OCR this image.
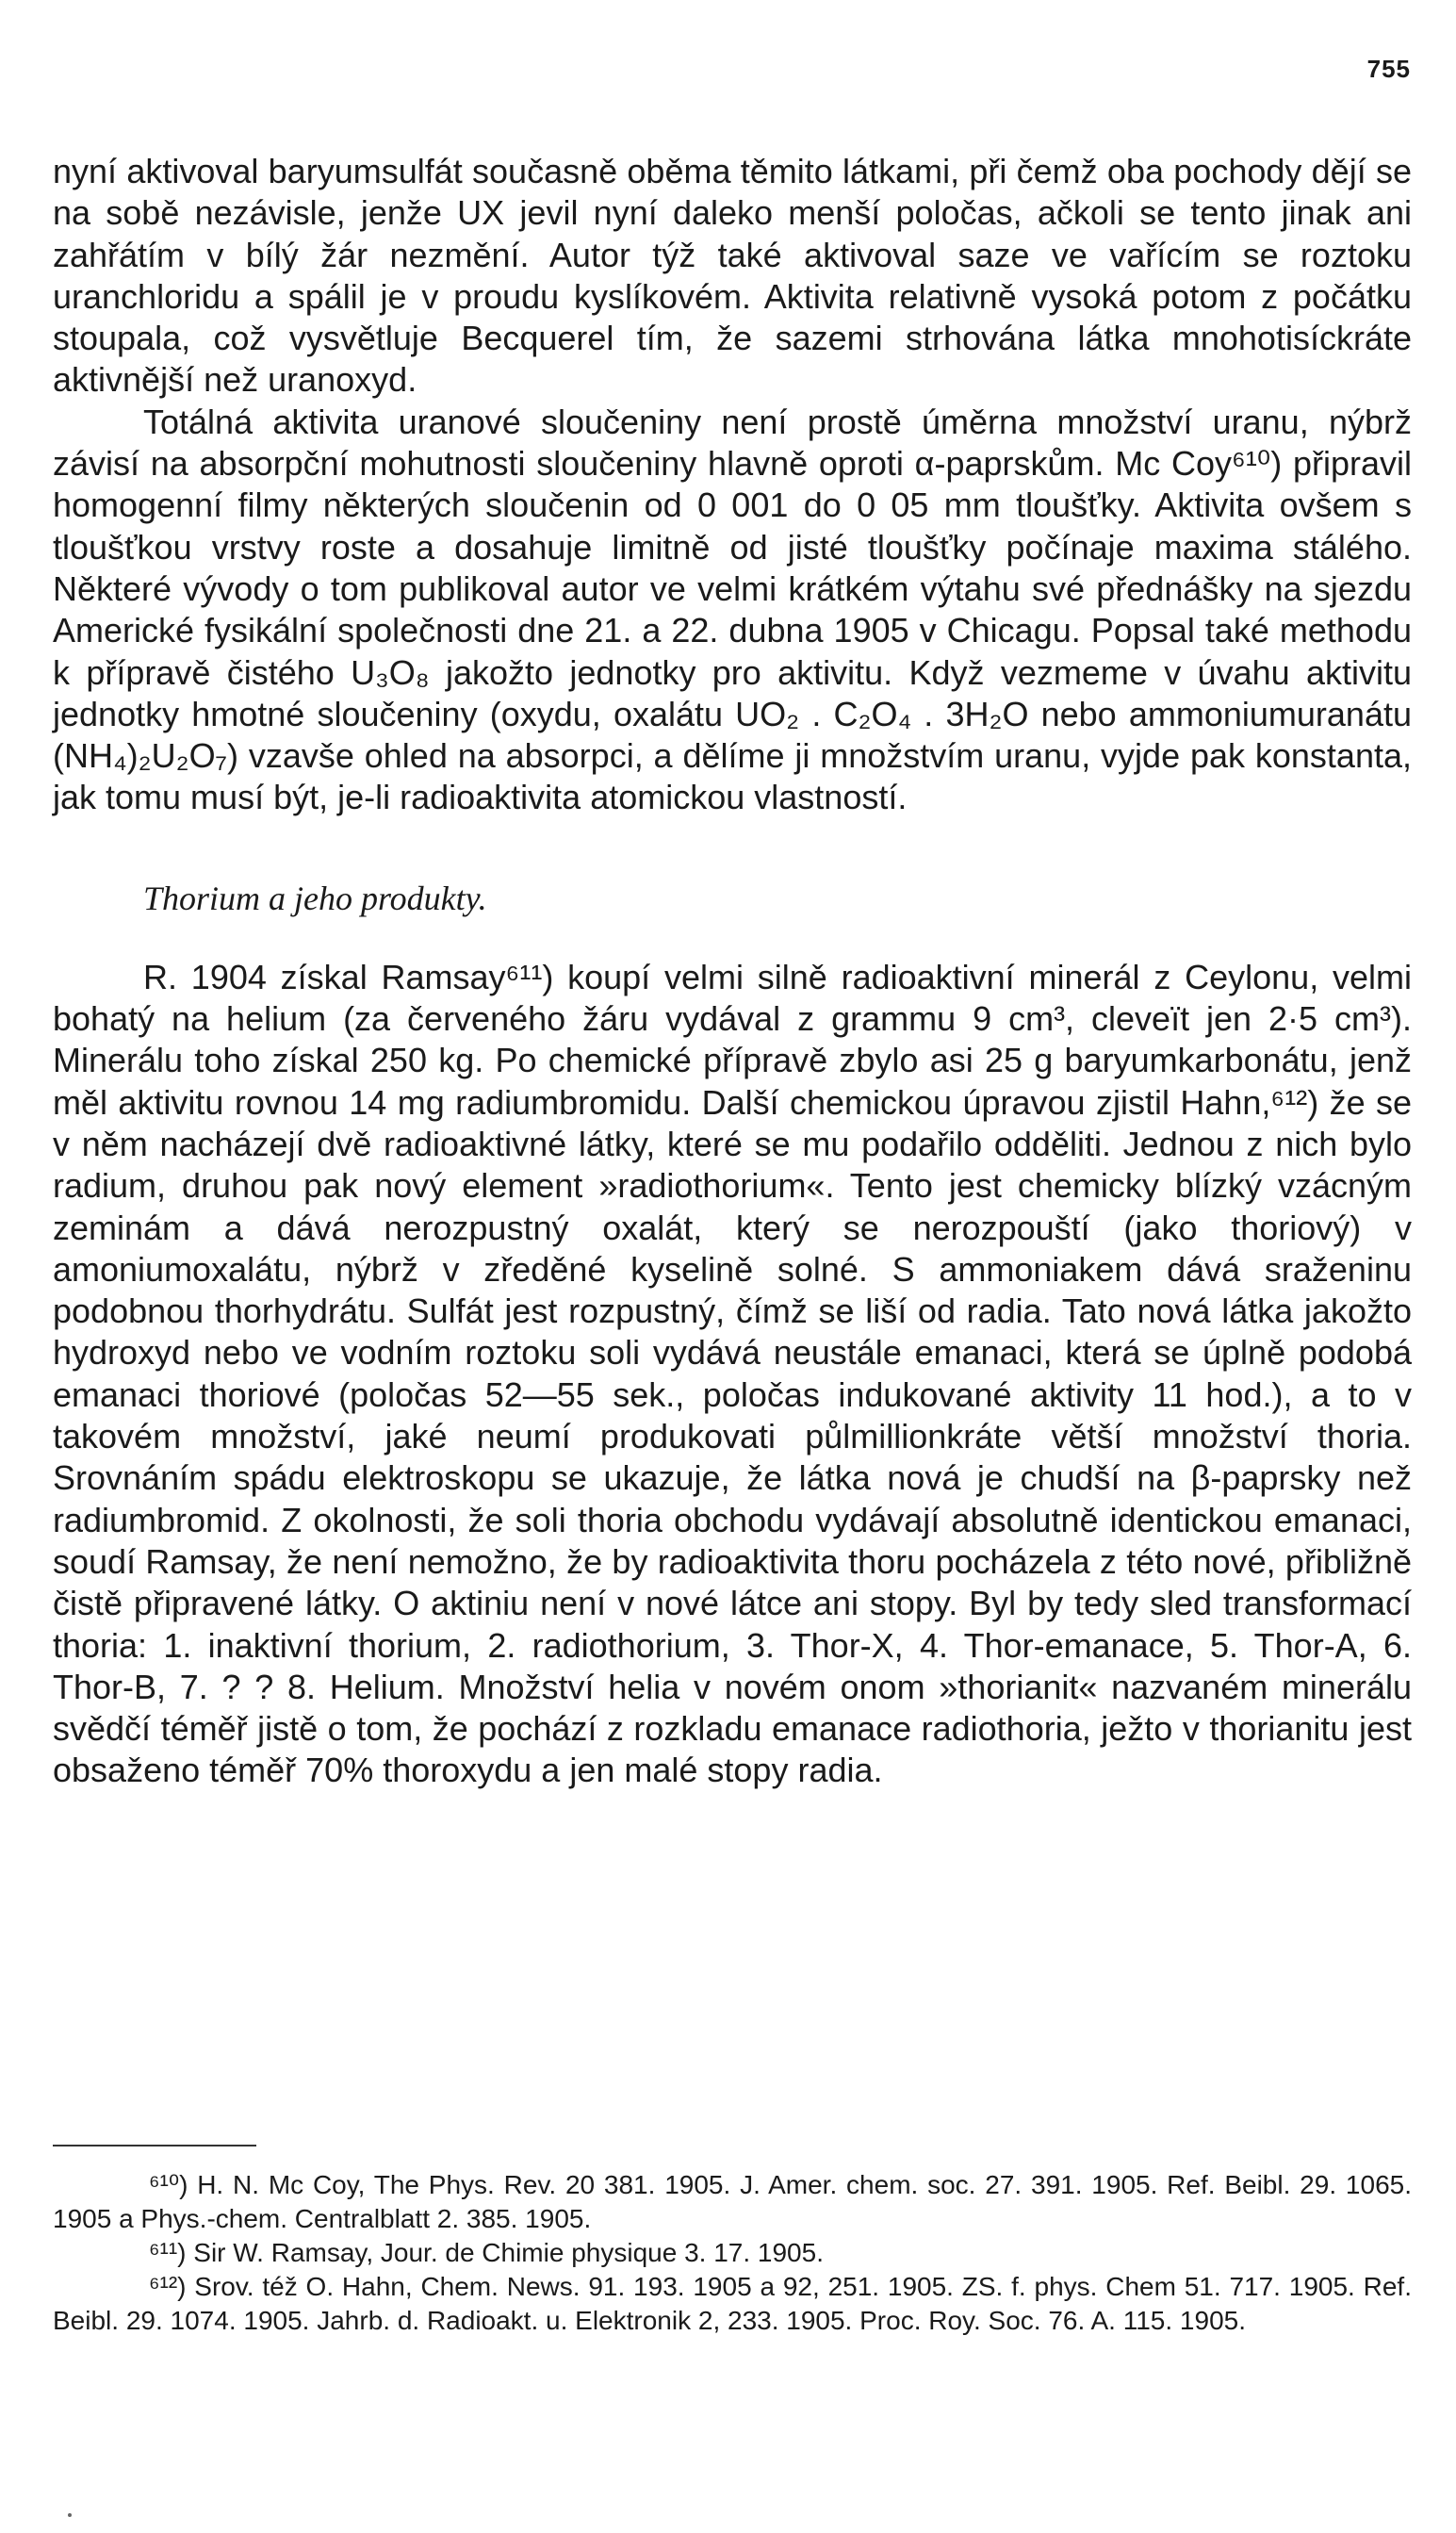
755

nyní aktivoval baryumsulfát současně oběma těmito látkami, při čemž oba pochody dějí se na sobě nezávisle, jenže UX jevil nyní daleko menší poločas, ačkoli se tento jinak ani zahřátím v bílý žár nezmění. Autor týž také aktivoval saze ve vařícím se roztoku uranchloridu a spálil je v proudu kyslíkovém. Aktivita relativně vysoká potom z počátku stoupala, což vysvětluje Becquerel tím, že sazemi strhována látka mnohotisíckráte aktivnější než uranoxyd.

Totálná aktivita uranové sloučeniny není prostě úměrna množství uranu, nýbrž závisí na absorpční mohutnosti sloučeniny hlavně oproti α-paprskům. Mc Coy⁶¹⁰) připravil homogenní filmy některých sloučenin od 0 001 do 0 05 mm tloušťky. Aktivita ovšem s tloušťkou vrstvy roste a dosahuje limitně od jisté tloušťky počínaje maxima stálého. Některé vývody o tom publikoval autor ve velmi krátkém výtahu své přednášky na sjezdu Americké fysikální společnosti dne 21. a 22. dubna 1905 v Chicagu. Popsal také methodu k přípravě čistého U₃O₈ jakožto jednotky pro aktivitu. Když vezmeme v úvahu aktivitu jednotky hmotné sloučeniny (oxydu, oxalátu UO₂ . C₂O₄ . 3H₂O nebo ammoniumuranátu (NH₄)₂U₂O₇) vzavše ohled na absorpci, a dělíme ji množstvím uranu, vyjde pak konstanta, jak tomu musí být, je-li radioaktivita atomickou vlastností.

Thorium a jeho produkty.

R. 1904 získal Ramsay⁶¹¹) koupí velmi silně radioaktivní minerál z Ceylonu, velmi bohatý na helium (za červeného žáru vydával z grammu 9 cm³, cleveït jen 2·5 cm³). Minerálu toho získal 250 kg. Po chemické přípravě zbylo asi 25 g baryumkarbonátu, jenž měl aktivitu rovnou 14 mg radiumbromidu. Další chemickou úpravou zjistil Hahn,⁶¹²) že se v něm nacházejí dvě radioaktivné látky, které se mu podařilo odděliti. Jednou z nich bylo radium, druhou pak nový element »radiothorium«. Tento jest chemicky blízký vzácným zeminám a dává nerozpustný oxalát, který se nerozpouští (jako thoriový) v amoniumoxalátu, nýbrž v zředěné kyselině solné. S ammoniakem dává sraženinu podobnou thorhydrátu. Sulfát jest rozpustný, čímž se liší od radia. Tato nová látka jakožto hydroxyd nebo ve vodním roztoku soli vydává neustále emanaci, která se úplně podobá emanaci thoriové (poločas 52—55 sek., poločas indukované aktivity 11 hod.), a to v takovém množství, jaké neumí produkovati půlmillionkráte větší množství thoria. Srovnáním spádu elektroskopu se ukazuje, že látka nová je chudší na β-paprsky než radiumbromid. Z okolnosti, že soli thoria obchodu vydávají absolutně identickou emanaci, soudí Ramsay, že není nemožno, že by radioaktivita thoru pocházela z této nové, přibližně čistě připravené látky. O aktiniu není v nové látce ani stopy. Byl by tedy sled transformací thoria: 1. inaktivní thorium, 2. radiothorium, 3. Thor-X, 4. Thor-emanace, 5. Thor-A, 6. Thor-B, 7. ? ? 8. Helium. Množství helia v novém onom »thorianit« nazvaném minerálu svědčí téměř jistě o tom, že pochází z rozkladu emanace radiothoria, ježto v thorianitu jest obsaženo téměř 70% thoroxydu a jen malé stopy radia.

⁶¹⁰) H. N. Mc Coy, The Phys. Rev. 20 381. 1905. J. Amer. chem. soc. 27. 391. 1905. Ref. Beibl. 29. 1065. 1905 a Phys.-chem. Centralblatt 2. 385. 1905.

⁶¹¹) Sir W. Ramsay, Jour. de Chimie physique 3. 17. 1905.

⁶¹²) Srov. též O. Hahn, Chem. News. 91. 193. 1905 a 92, 251. 1905. ZS. f. phys. Chem 51. 717. 1905. Ref. Beibl. 29. 1074. 1905. Jahrb. d. Radioakt. u. Elektronik 2, 233. 1905. Proc. Roy. Soc. 76. A. 115. 1905.
